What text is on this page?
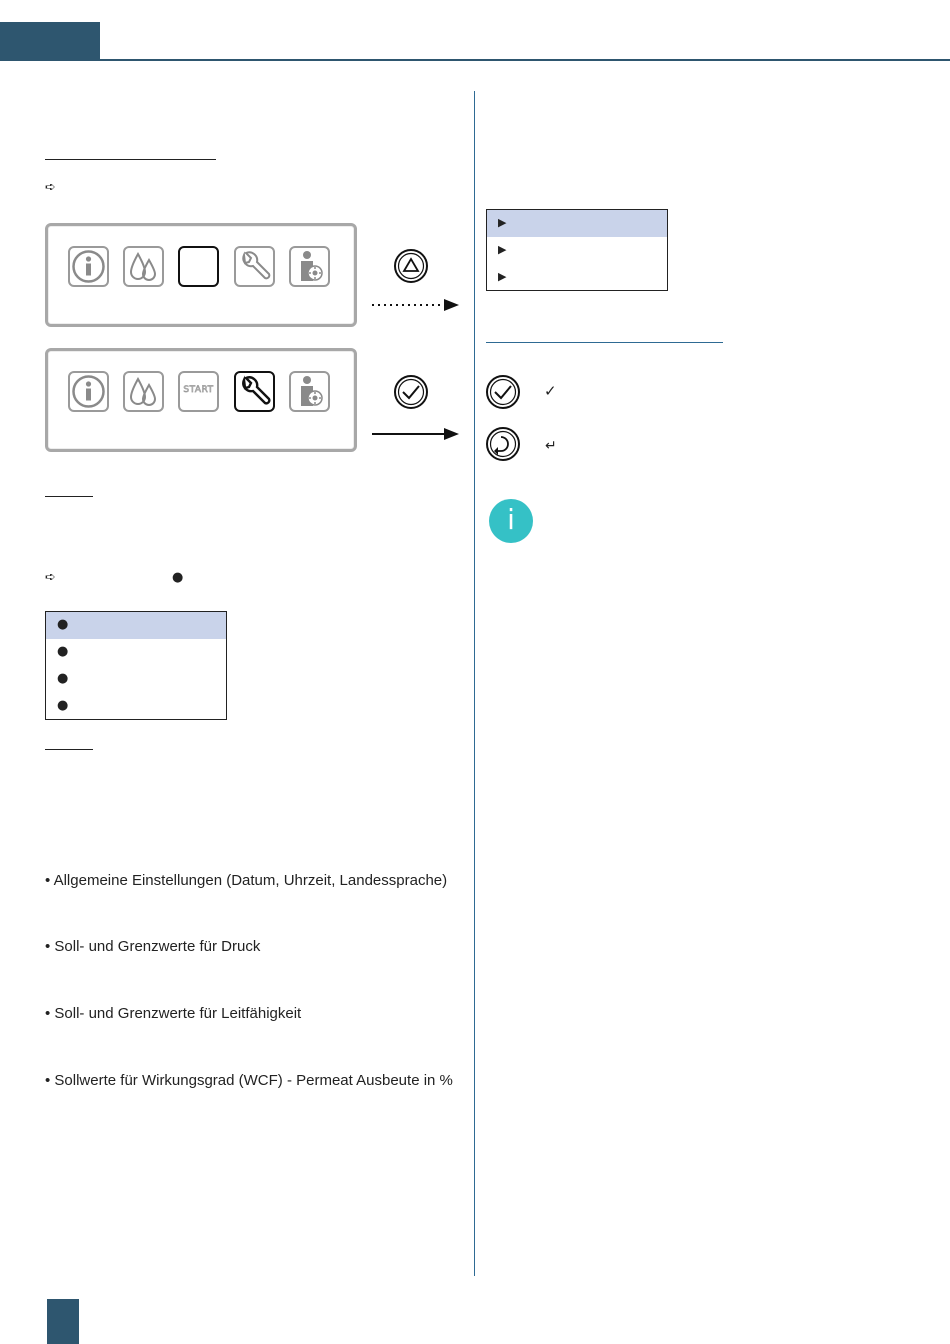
➪
START
➪	●
●
●
●
●
• Allgemeine Einstellungen (Datum, Uhrzeit, Landessprache)
• Soll- und Grenzwerte für Druck
• Soll- und Grenzwerte für Leitfähigkeit
• Sollwerte für Wirkungsgrad (WCF) - Permeat Ausbeute in %
▶
▶
▶
✓
↵
i
